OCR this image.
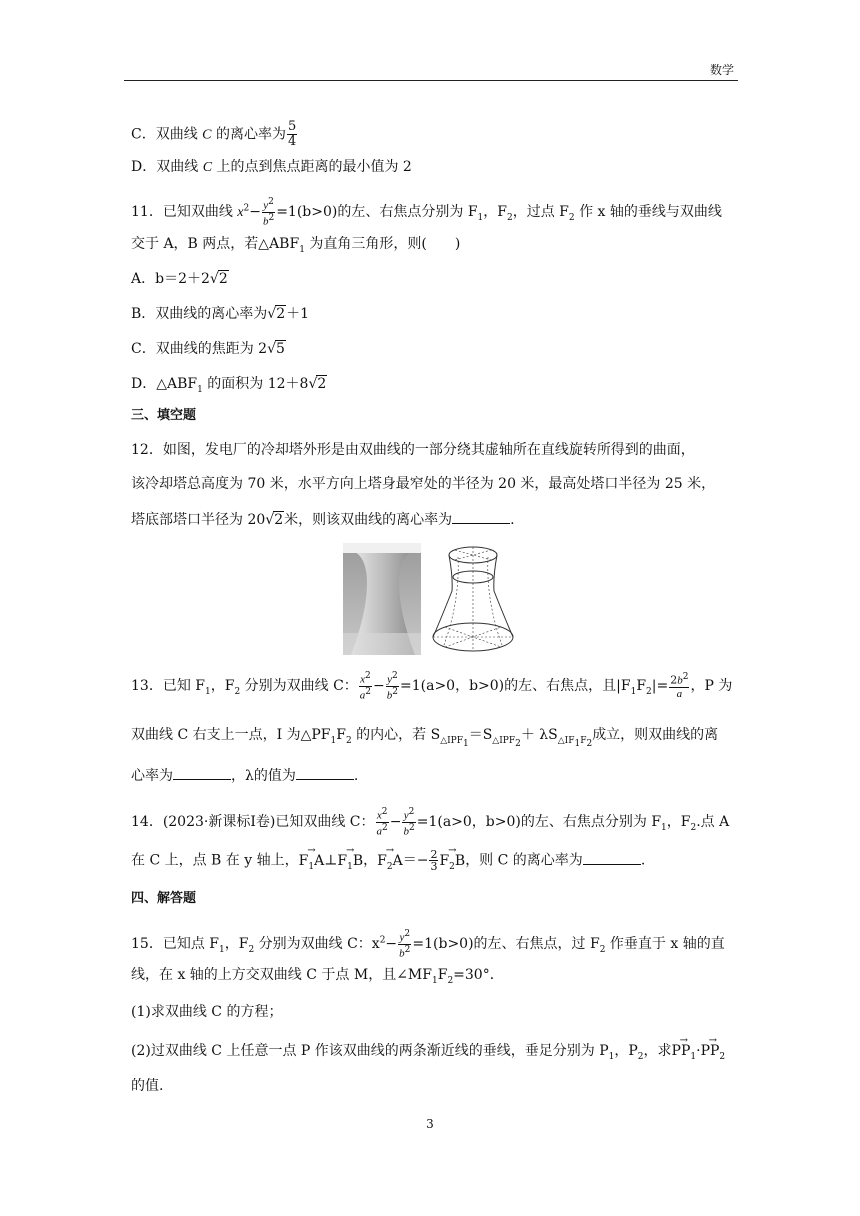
数学
C．双曲线 C 的离心率为 $\frac{5}{4}$
D．双曲线 C 上的点到焦点距离的最小值为 2
11．已知双曲线 $x^2- \frac{y^2}{b^2} =1(b>0)$的左、右焦点分别为 $F_1$，$F_2$，过点 $F_2$ 作 x 轴的垂线与双曲线
交于 A，B 两点，若$\triangle ABF_1$ 为直角三角形，则(　　)
A．b＝2＋2√2
B．双曲线的离心率为√2＋1
C．双曲线的焦距为 2√5
D．$\triangle ABF_1$ 的面积为 12＋8√2
三、填空题
12．如图，发电厂的冷却塔外形是由双曲线的一部分绕其虚轴所在直线旋转所得到的曲面，
该冷却塔总高度为 70 米，水平方向上塔身最窄处的半径为 20 米，最高处塔口半径为 25 米，
塔底部塔口半径为 20√2米，则该双曲线的离心率为	.
13．已知 $F_1$，$F_2$ 分别为双曲线 C： $\frac{x^2}{a^2} - \frac{y^2}{b^2} =1(a>0$，b>0)的左、右焦点，且$|F_1F_2|= \frac{2b^2}{a}$ ，P 为
双曲线 C 右支上一点，I 为$\triangle PF_1F_2$ 的内心，若 $S_{\triangle IPF_1}=S_{\triangle IPF_2}+ \lambda S_{\triangle IF_1F_2}$成立，则双曲线的离
心率为	，λ的值为	.
14．(2023·新课标Ⅰ卷)已知双曲线 C： $\frac{x^2}{a^2} - \frac{y^2}{b^2} =1(a>0$，b>0)的左、右焦点分别为 $F_1$，$F_2$.点 A
在 C 上，点 B 在 y 轴上，→ $F_1A\perp\to F_1B$，→ $F_2A=- \frac{2}{3}$
→ $F_2B$，则 C 的离心率为	.
四、解答题
15．已知点 $F_1$，$F_2$ 分别为双曲线 C：$x^2- \frac{y^2}{b^2} =1(b>0)$的左、右焦点，过 $F_2$ 作垂直于 x 轴的直
线，在 x 轴的上方交双曲线 C 于点 M，且$\angle MF_1F_2=30^\circ$．
(1)求双曲线 C 的方程；
(2)过双曲线 C 上任意一点 P 作该双曲线的两条渐近线的垂线，垂足分别为 $P_1$，$P_2$，求→ $PP_1\cdot\to PP_2$
的值.
3
